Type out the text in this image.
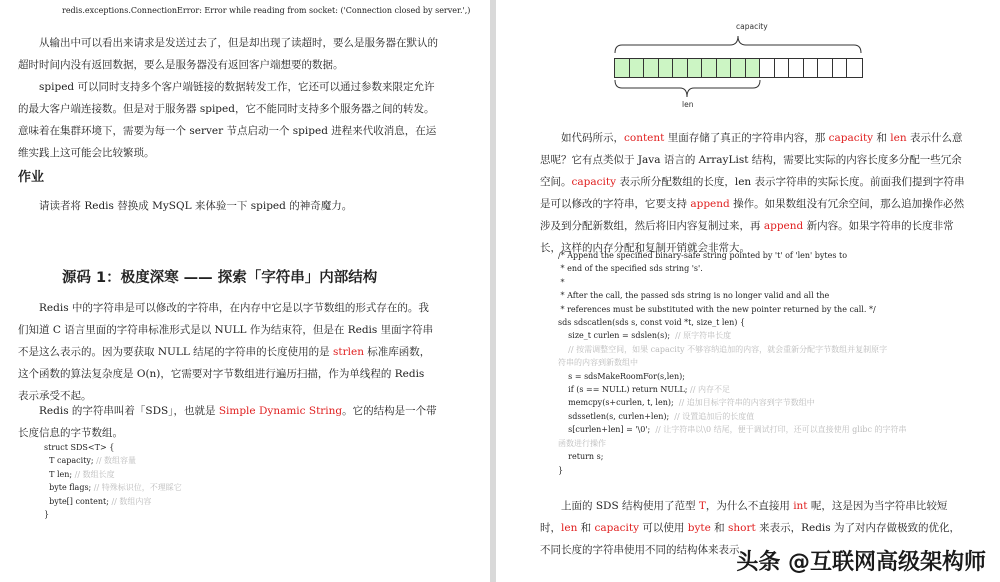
redis.exceptions.ConnectionError: Error while reading from socket: ('Connection closed by server.',)

从输出中可以看出来请求是发送过去了，但是却出现了读超时，要么是服务器在默认的超时时间内没有返回数据，要么是服务器没有返回客户端想要的数据。

spiped 可以同时支持多个客户端链接的数据转发工作，它还可以通过参数来限定允许的最大客户端连接数。但是对于服务器 spiped，它不能同时支持多个服务器之间的转发。意味着在集群环境下，需要为每一个 server 节点启动一个 spiped 进程来代收消息，在运维实践上这可能会比较繁琐。

作业

请读者将 Redis 替换成 MySQL 来体验一下 spiped 的神奇魔力。

源码 1：极度深寒 —— 探索「字符串」内部结构

Redis 中的字符串是可以修改的字符串，在内存中它是以字节数组的形式存在的。我们知道 C 语言里面的字符串标准形式是以 NULL 作为结束符，但是在 Redis 里面字符串不是这么表示的。因为要获取 NULL 结尾的字符串的长度使用的是 strlen 标准库函数，这个函数的算法复杂度是 O(n)，它需要对字节数组进行遍历扫描，作为单线程的 Redis 表示承受不起。

Redis 的字符串叫着「SDS」，也就是 Simple Dynamic String。它的结构是一个带长度信息的字节数组。

struct SDS<T> {
T capacity; // 数组容量
T len; // 数组长度
byte flags; // 特殊标识位，不理睬它
byte[] content; // 数组内容
}
capacity
len

如代码所示，content 里面存储了真正的字符串内容，那 capacity 和 len 表示什么意思呢？它有点类似于 Java 语言的 ArrayList 结构，需要比实际的内容长度多分配一些冗余空间。capacity 表示所分配数组的长度，len 表示字符串的实际长度。前面我们提到字符串是可以修改的字符串，它要支持 append 操作。如果数组没有冗余空间，那么追加操作必然涉及到分配新数组，然后将旧内容复制过来，再 append 新内容。如果字符串的长度非常长，这样的内存分配和复制开销就会非常大。

/* Append the specified binary-safe string pointed by 't' of 'len' bytes to
* end of the specified sds string 's'.
*
* After the call, the passed sds string is no longer valid and all the
* references must be substituted with the new pointer returned by the call. */
sds sdscatlen(sds s, const void *t, size_t len) {
size_t curlen = sdslen(s);  // 原字符串长度
// 按需调整空间，如果 capacity 不够容纳追加的内容，就会重新分配字节数组并复制原字
符串的内容到新数组中
s = sdsMakeRoomFor(s,len);
if (s == NULL) return NULL; // 内存不足
memcpy(s+curlen, t, len);  // 追加目标字符串的内容到字节数组中
sdssetlen(s, curlen+len);  // 设置追加后的长度值
s[curlen+len] = '\0';  // 让字符串以\0 结尾，便于调试打印，还可以直接使用 glibc 的字符串
函数进行操作
return s;
}

上面的 SDS 结构使用了范型 T，为什么不直接用 int 呢，这是因为当字符串比较短时，len 和 capacity 可以使用 byte 和 short 来表示，Redis 为了对内存做极致的优化，不同长度的字符串使用不同的结构体来表示。

头条 @互联网高级架构师
